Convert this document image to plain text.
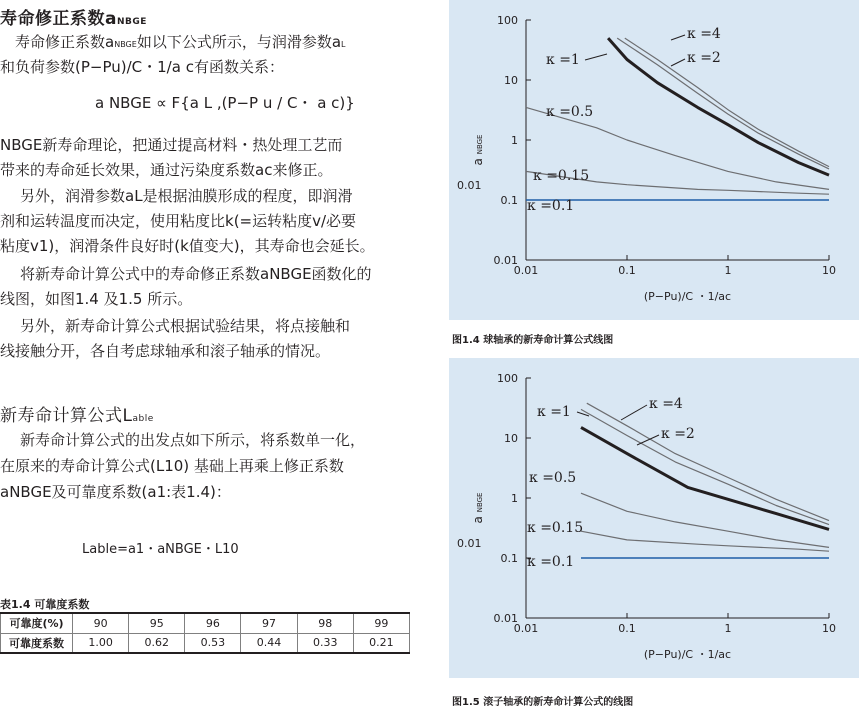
寿命修正系数aNBGE
　寿命修正系数aNBGE如以下公式所示，与润滑参数aL
和负荷参数(P−Pu)/C・1/a c有函数关系：
a NBGE ∝ F{a L ,(P−P u / C・ a c)}
NBGE新寿命理论，把通过提高材料・热处理工艺而
带来的寿命延长效果，通过污染度系数ac来修正。
另外，润滑参数aL是根据油膜形成的程度，即润滑
剂和运转温度而决定，使用粘度比k(=运转粘度v/必要
粘度v1)，润滑条件良好时(k值变大)，其寿命也会延长。
将新寿命计算公式中的寿命修正系数aNBGE函数化的
线图，如图1.4 及1.5 所示。
另外，新寿命计算公式根据试验结果，将点接触和
线接触分开，各自考虑球轴承和滚子轴承的情况。
新寿命计算公式Lable
新寿命计算公式的出发点如下所示，将系数单一化，
在原来的寿命计算公式(L10) 基础上再乘上修正系数
aNBGE及可靠度系数(a1:表1.4)：
Lable=a1・aNBGE・L10
表1.4 可靠度系数
可靠度(%)	90	95	96	97	98	99
可靠度系数	1.00	0.62	0.53	0.44	0.33	0.21
0.01	0.1	1	10
100
10
1
0.1
0.01
0.01
a NBGE
(P−Pu)/C ・1/ac
κ =4
κ =2
κ =1
κ =0.5
κ =0.15
κ =0.1
图1.4 球轴承的新寿命计算公式线图
0.01	0.1	1	10
100
10
1
0.1
0.01
0.01
a NBGE
(P−Pu)/C ・1/ac
κ =4
κ =2
κ =1
κ =0.5
κ =0.15
κ =0.1
图1.5 滚子轴承的新寿命计算公式的线图
